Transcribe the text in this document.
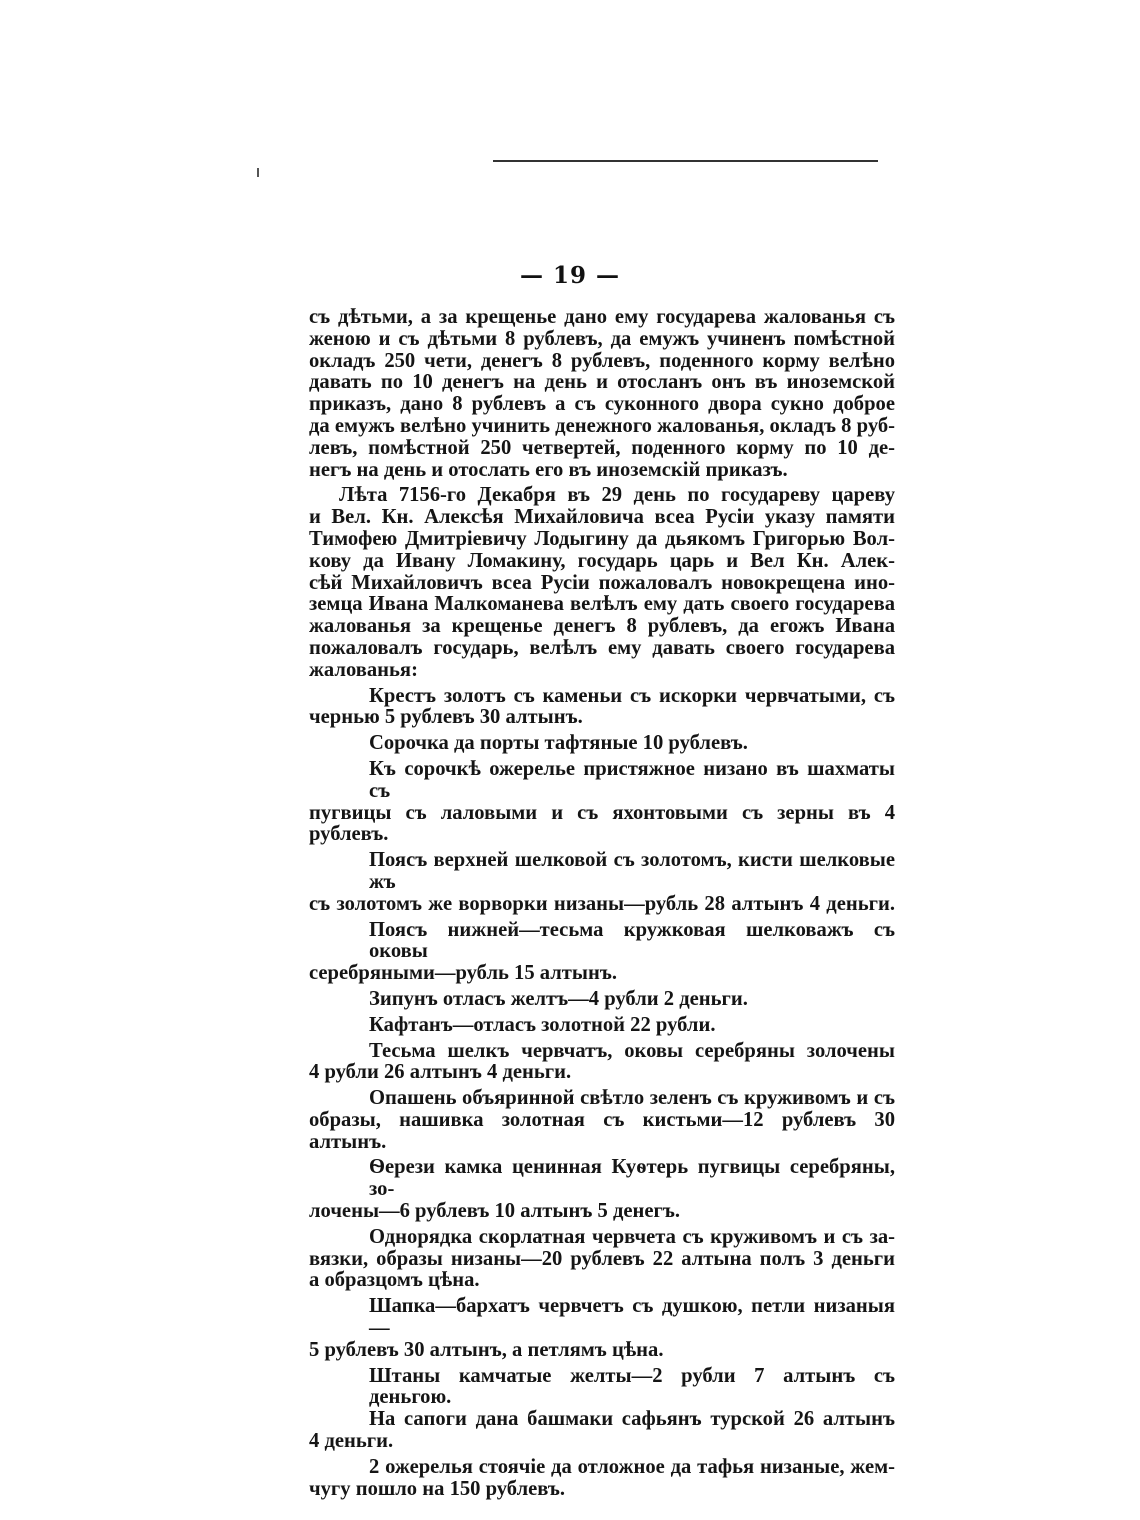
— 19 —
съ дѣтьми, а за крещенье дано ему государева жалованья съ
женою и съ дѣтьми 8 рублевъ, да емужъ учиненъ помѣстной
окладъ 250 чети, денегъ 8 рублевъ, поденного корму велѣно
давать по 10 денегъ на день и отосланъ онъ въ иноземской
приказъ, дано 8 рублевъ а съ суконного двора сукно доброе
да емужъ велѣно учинить денежного жалованья, окладъ 8 руб-
левъ, помѣстной 250 четвертей, поденного корму по 10 де-
негъ на день и отослать его въ иноземскій приказъ.
Лѣта 7156-го Декабря въ 29 день по государеву цареву
и Вел. Кн. Алексѣя Михайловича всеа Русіи указу памяти
Тимофею Дмитріевичу Лодыгину да дьякомъ Григорью Вол-
кову да Ивану Ломакину, государь царь и Вел Кн. Алек-
сѣй Михайловичъ всеа Русіи пожаловалъ новокрещена ино-
земца Ивана Малкоманева велѣлъ ему дать своего государева
жалованья за крещенье денегъ 8 рублевъ, да егожъ Ивана
пожаловалъ государь, велѣлъ ему давать своего государева
жалованья:
Крестъ золотъ съ каменьи съ искорки червчатыми, съ
чернью 5 рублевъ 30 алтынъ.
Сорочка да порты тафтяные 10 рублевъ.
Къ сорочкѣ ожерелье пристяжное низано въ шахматы съ
пугвицы съ лаловыми и съ яхонтовыми съ зерны въ 4 рублевъ.
Поясъ верхней шелковой съ золотомъ, кисти шелковые жъ
съ золотомъ же ворворки низаны—рубль 28 алтынъ 4 деньги.
Поясъ нижней—тесьма кружковая шелковажъ съ оковы
серебряными—рубль 15 алтынъ.
Зипунъ отласъ желтъ—4 рубли 2 деньги.
Кафтанъ—отласъ золотной 22 рубли.
Тесьма шелкъ червчатъ, оковы серебряны золочены
4 рубли 26 алтынъ 4 деньги.
Опашень объяринной свѣтло зеленъ съ круживомъ и съ
образы, нашивка золотная съ кистьми—12 рублевъ 30 алтынъ.
Ѳерези камка ценинная Куѳтерь пугвицы серебряны, зо-
лочены—6 рублевъ 10 алтынъ 5 денегъ.
Однорядка скорлатная червчета съ круживомъ и съ за-
вязки, образы низаны—20 рублевъ 22 алтына полъ 3 деньги
а образцомъ цѣна.
Шапка—бархатъ червчетъ съ душкою, петли низаныя—
5 рублевъ 30 алтынъ, а петлямъ цѣна.
Штаны камчатые желты—2 рубли 7 алтынъ съ деньгою.
На сапоги дана башмаки сафьянъ турской 26 алтынъ
4 деньги.
2 ожерелья стоячіе да отложное да тафья низаные, жем-
чугу пошло на 150 рублевъ.
